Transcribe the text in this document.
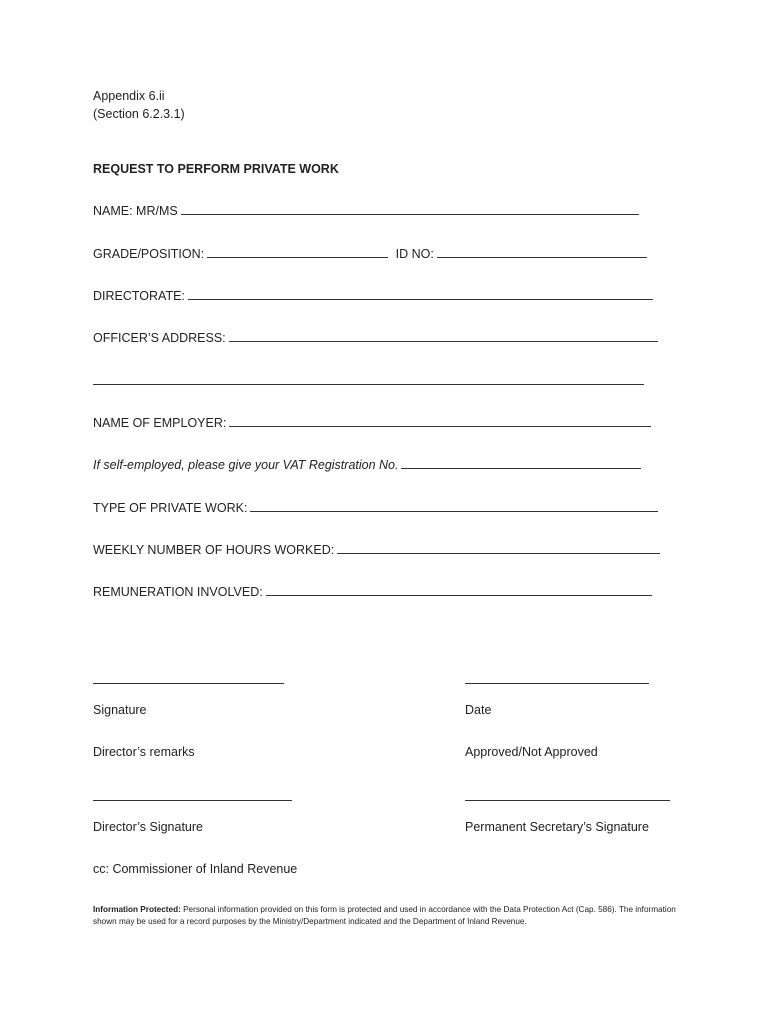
Appendix 6.ii
(Section 6.2.3.1)
REQUEST TO PERFORM PRIVATE WORK
NAME: MR/MS
GRADE/POSITION:	ID NO:
DIRECTORATE:
OFFICER’S ADDRESS:
NAME OF EMPLOYER:
If self-employed, please give your VAT Registration No.
TYPE OF PRIVATE WORK:
WEEKLY NUMBER OF HOURS WORKED:
REMUNERATION INVOLVED:
Signature	Date
Director’s remarks	Approved/Not Approved
Director’s Signature	Permanent Secretary’s Signature
cc: Commissioner of Inland Revenue
Information Protected: Personal information provided on this form is protected and used in accordance with the Data Protection Act (Cap. 586). The information shown may be used for a record purposes by the Ministry/Department indicated and the Department of Inland Revenue.
